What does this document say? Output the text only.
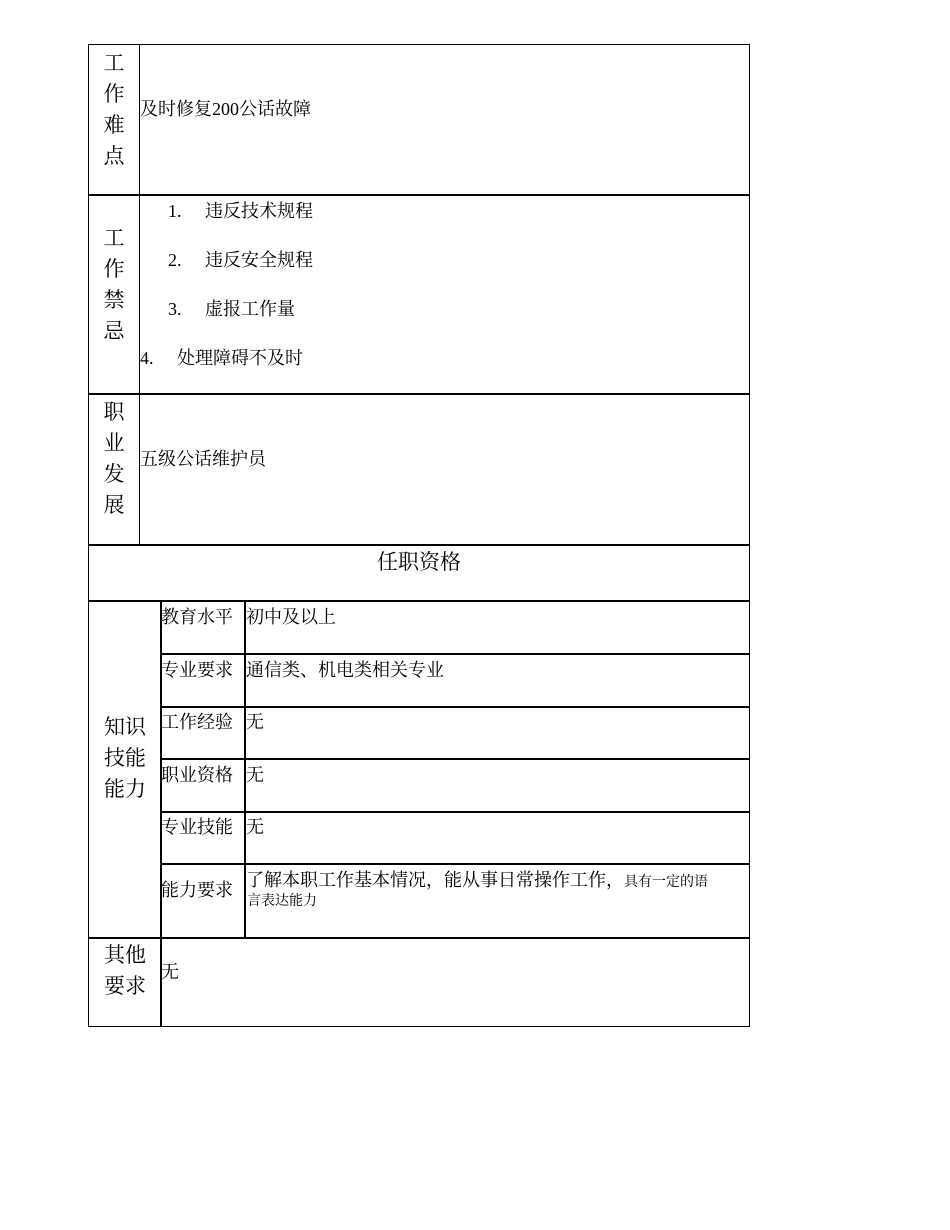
工
作
难
点
及时修复200公话故障
工
作
禁
忌
1. 违反技术规程
2. 违反安全规程
3. 虚报工作量
4. 处理障碍不及时
职
业
发
展
五级公话维护员
任职资格
知识
技能
能力
教育水平 初中及以上
专业要求 通信类、机电类相关专业
工作经验 无
职业资格 无
专业技能 无
能力要求 了解本职工作基本情况，能从事日常操作工作，具有一定的语
言表达能力
其他
要求
无
